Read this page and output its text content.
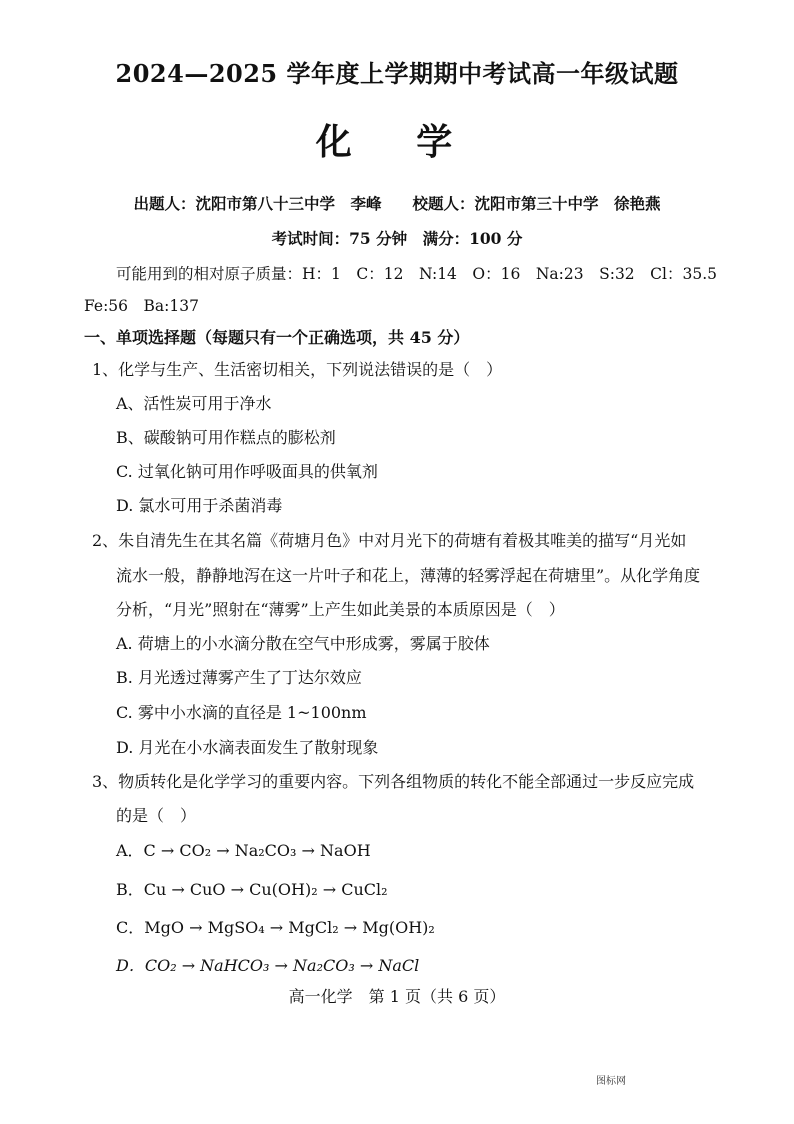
2024—2025 学年度上学期期中考试高一年级试题
化 学
出题人：沈阳市第八十三中学　李峰　　校题人：沈阳市第三十中学　徐艳燕
考试时间：75 分钟　满分：100 分
可能用到的相对原子质量：H：1　C：12　N:14　O：16　Na:23　S:32　Cl：35.5
Fe:56　Ba:137
一、单项选择题（每题只有一个正确选项，共 45 分）
1、化学与生产、生活密切相关，下列说法错误的是（　）
A、活性炭可用于净水
B、碳酸钠可用作糕点的膨松剂
C. 过氧化钠可用作呼吸面具的供氧剂
D. 氯水可用于杀菌消毒
2、朱自清先生在其名篇《荷塘月色》中对月光下的荷塘有着极其唯美的描写“月光如
流水一般，静静地泻在这一片叶子和花上，薄薄的轻雾浮起在荷塘里”。从化学角度
分析，“月光”照射在“薄雾”上产生如此美景的本质原因是（　）
A. 荷塘上的小水滴分散在空气中形成雾，雾属于胶体
B. 月光透过薄雾产生了丁达尔效应
C. 雾中小水滴的直径是 1~100nm
D. 月光在小水滴表面发生了散射现象
3、物质转化是化学学习的重要内容。下列各组物质的转化不能全部通过一步反应完成
的是（　）
A．C → CO₂ → Na₂CO₃ → NaOH
B．Cu → CuO → Cu(OH)₂ → CuCl₂
C．MgO → MgSO₄ → MgCl₂ → Mg(OH)₂
D．CO₂ → NaHCO₃ → Na₂CO₃ → NaCl
高一化学　第 1 页（共 6 页）
图标网
